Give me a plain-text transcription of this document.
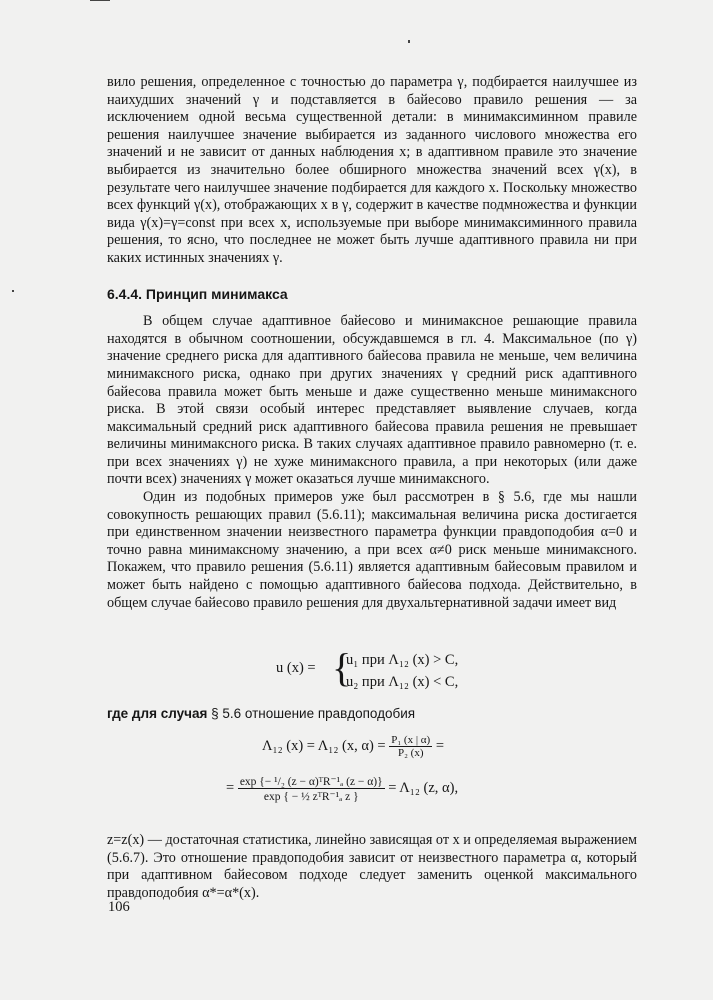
вило решения, определенное с точностью до параметра γ, подбирается наилучшее из наихудших значений γ и подставляется в байесово правило решения — за исключением одной весьма существенной детали: в минимаксиминном правиле решения наилучшее значение выбирается из заданного числового множества его значений и не зависит от данных наблюдения x; в адаптивном правиле это значение выбирается из значительно более обширного множества значений всех γ(x), в результате чего наилучшее значение подбирается для каждого x. Поскольку множество всех функций γ(x), отображающих x в γ, содержит в качестве подмножества и функции вида γ(x)=γ=const при всех x, используемые при выборе минимаксиминного правила решения, то ясно, что последнее не может быть лучше адаптивного правила ни при каких истинных значениях γ.

6.4.4. Принцип минимакса

В общем случае адаптивное байесово и минимаксное решающие правила находятся в обычном соотношении, обсуждавшемся в гл. 4. Максимальное (по γ) значение среднего риска для адаптивного байесова правила не меньше, чем величина минимаксного риска, однако при других значениях γ средний риск адаптивного байесова правила может быть меньше и даже существенно меньше минимаксного риска. В этой связи особый интерес представляет выявление случаев, когда максимальный средний риск адаптивного байесова правила решения не превышает величины минимаксного риска. В таких случаях адаптивное правило равномерно (т. е. при всех значениях γ) не хуже минимаксного правила, а при некоторых (или даже почти всех) значениях γ может оказаться лучше минимаксного.

Один из подобных примеров уже был рассмотрен в § 5.6, где мы нашли совокупность решающих правил (5.6.11); максимальная величина риска достигается при единственном значении неизвестного параметра функции правдоподобия α=0 и точно равна минимаксному значению, а при всех α≠0 риск меньше минимаксного. Покажем, что правило решения (5.6.11) является адаптивным байесовым правилом и может быть найдено с помощью адаптивного байесова подхода. Действительно, в общем случае байесово правило решения для двухальтернативной задачи имеет вид

u (x) = {
u₁ при Λ₁₂ (x) > C,
u₂ при Λ₁₂ (x) < C,
где для случая § 5.6 отношение правдоподобия
Λ₁₂ (x) = Λ₁₂ (x, $\alpha) = \frac{\text{P₁ (x | α)}}{\text{P₂ (x)}}$ =
= $\frac{\text{exp \{− ¹/₂ (z − α)ᵀR⁻¹ₐ (z − α)\}}}{\text{exp \{ − ½ zᵀR⁻¹ₐ z \}}} = \Lambda_{12}$ (z, α),

z=z(x) — достаточная статистика, линейно зависящая от x и определяемая выражением (5.6.7). Это отношение правдоподобия зависит от неизвестного параметра α, который при адаптивном байесовом подходе следует заменить оценкой максимального правдоподобия α*=α*(x).

106
